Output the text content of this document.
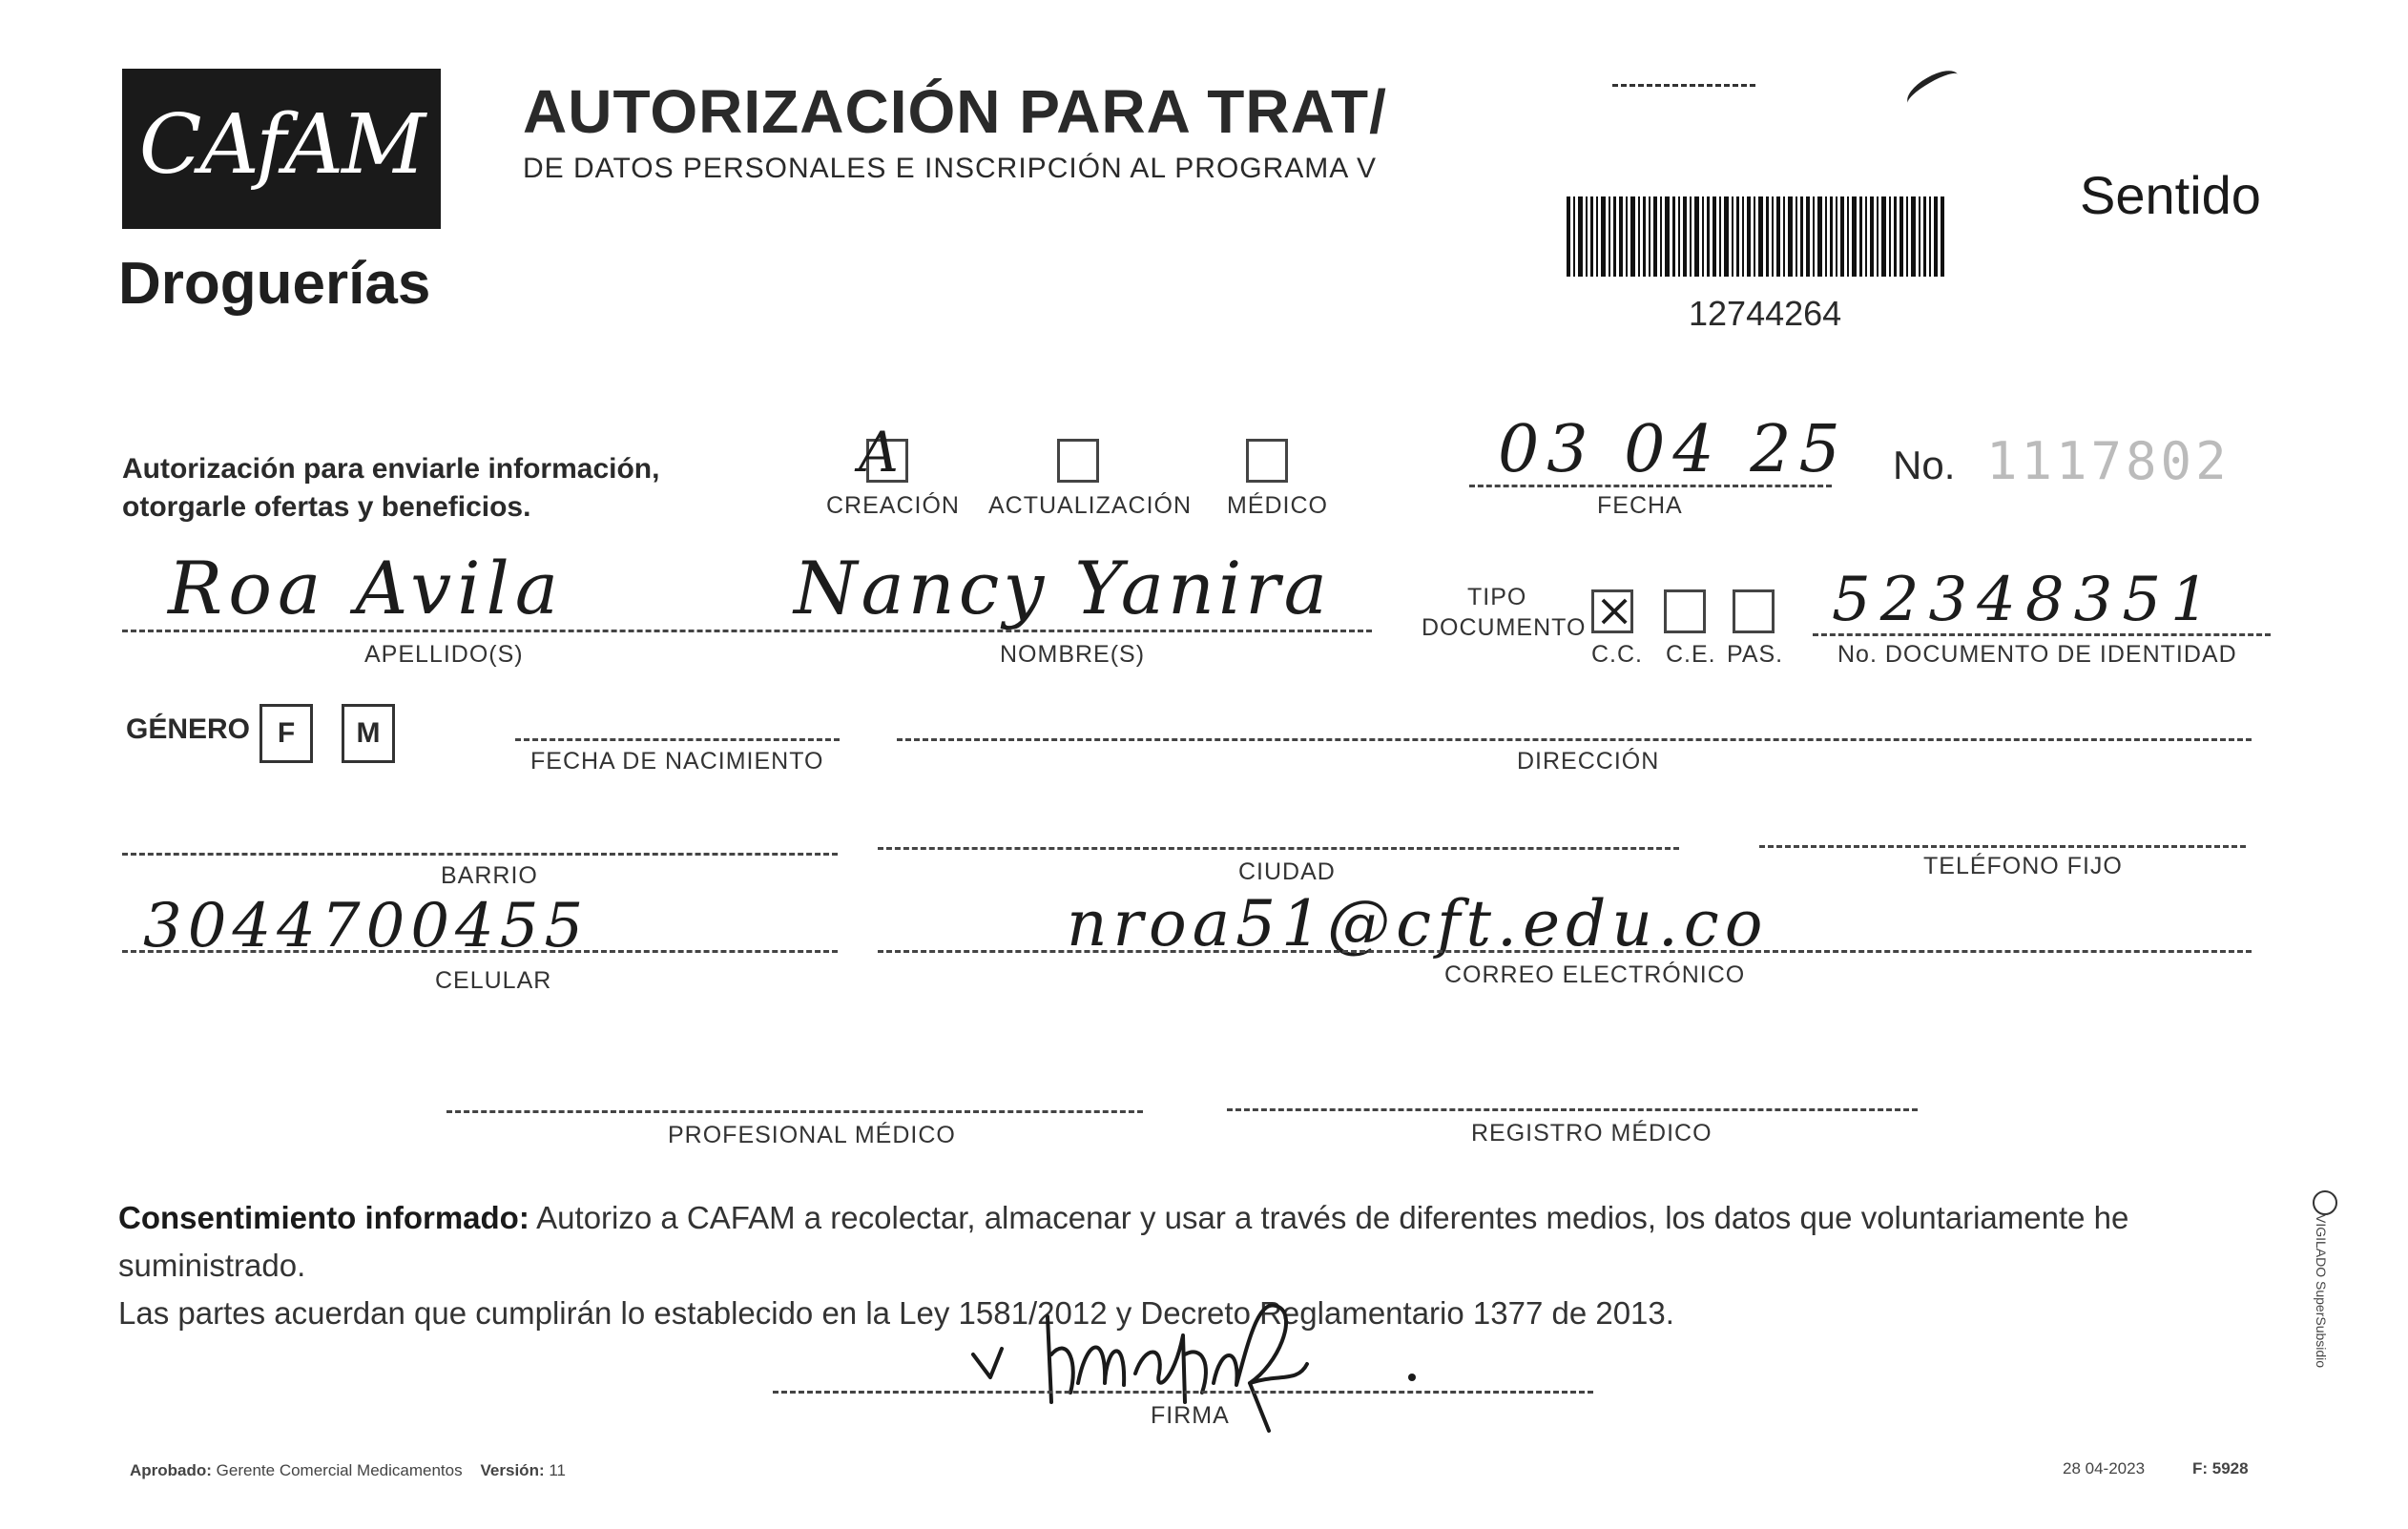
CAfAM
Droguerías
AUTORIZACIÓN PARA TRAT/
DE DATOS PERSONALES E INSCRIPCIÓN AL PROGRAMA V	Sentido
12744264
Autorización para enviarle información, otorgarle ofertas y beneficios.
A
CREACIÓN ACTUALIZACIÓN MÉDICO
03 04 25
FECHA
No. 1117802
Roa Avila
APELLIDO(S)
Nancy Yanira
NOMBRE(S)
TIPO
DOCUMENTO ×
C.C. C.E. PAS.
52348351
No. DOCUMENTO DE IDENTIDAD
GÉNERO F	M
FECHA DE NACIMIENTO	DIRECCIÓN
BARRIO	CIUDAD	TELÉFONO FIJO
3044700455
CELULAR
nroa51@cft.edu.co
CORREO ELECTRÓNICO
PROFESIONAL MÉDICO	REGISTRO MÉDICO
Consentimiento informado: Autorizo a CAFAM a recolectar, almacenar y usar a través de diferentes medios, los datos que voluntariamente he suministrado.
Las partes acuerdan que cumplirán lo establecido en la Ley 1581/2012 y Decreto Reglamentario 1377 de 2013.
FIRMA
VIGILADO SuperSubsidio
Aprobado: Gerente Comercial Medicamentos Versión: 11	28 04-2023	F: 5928
